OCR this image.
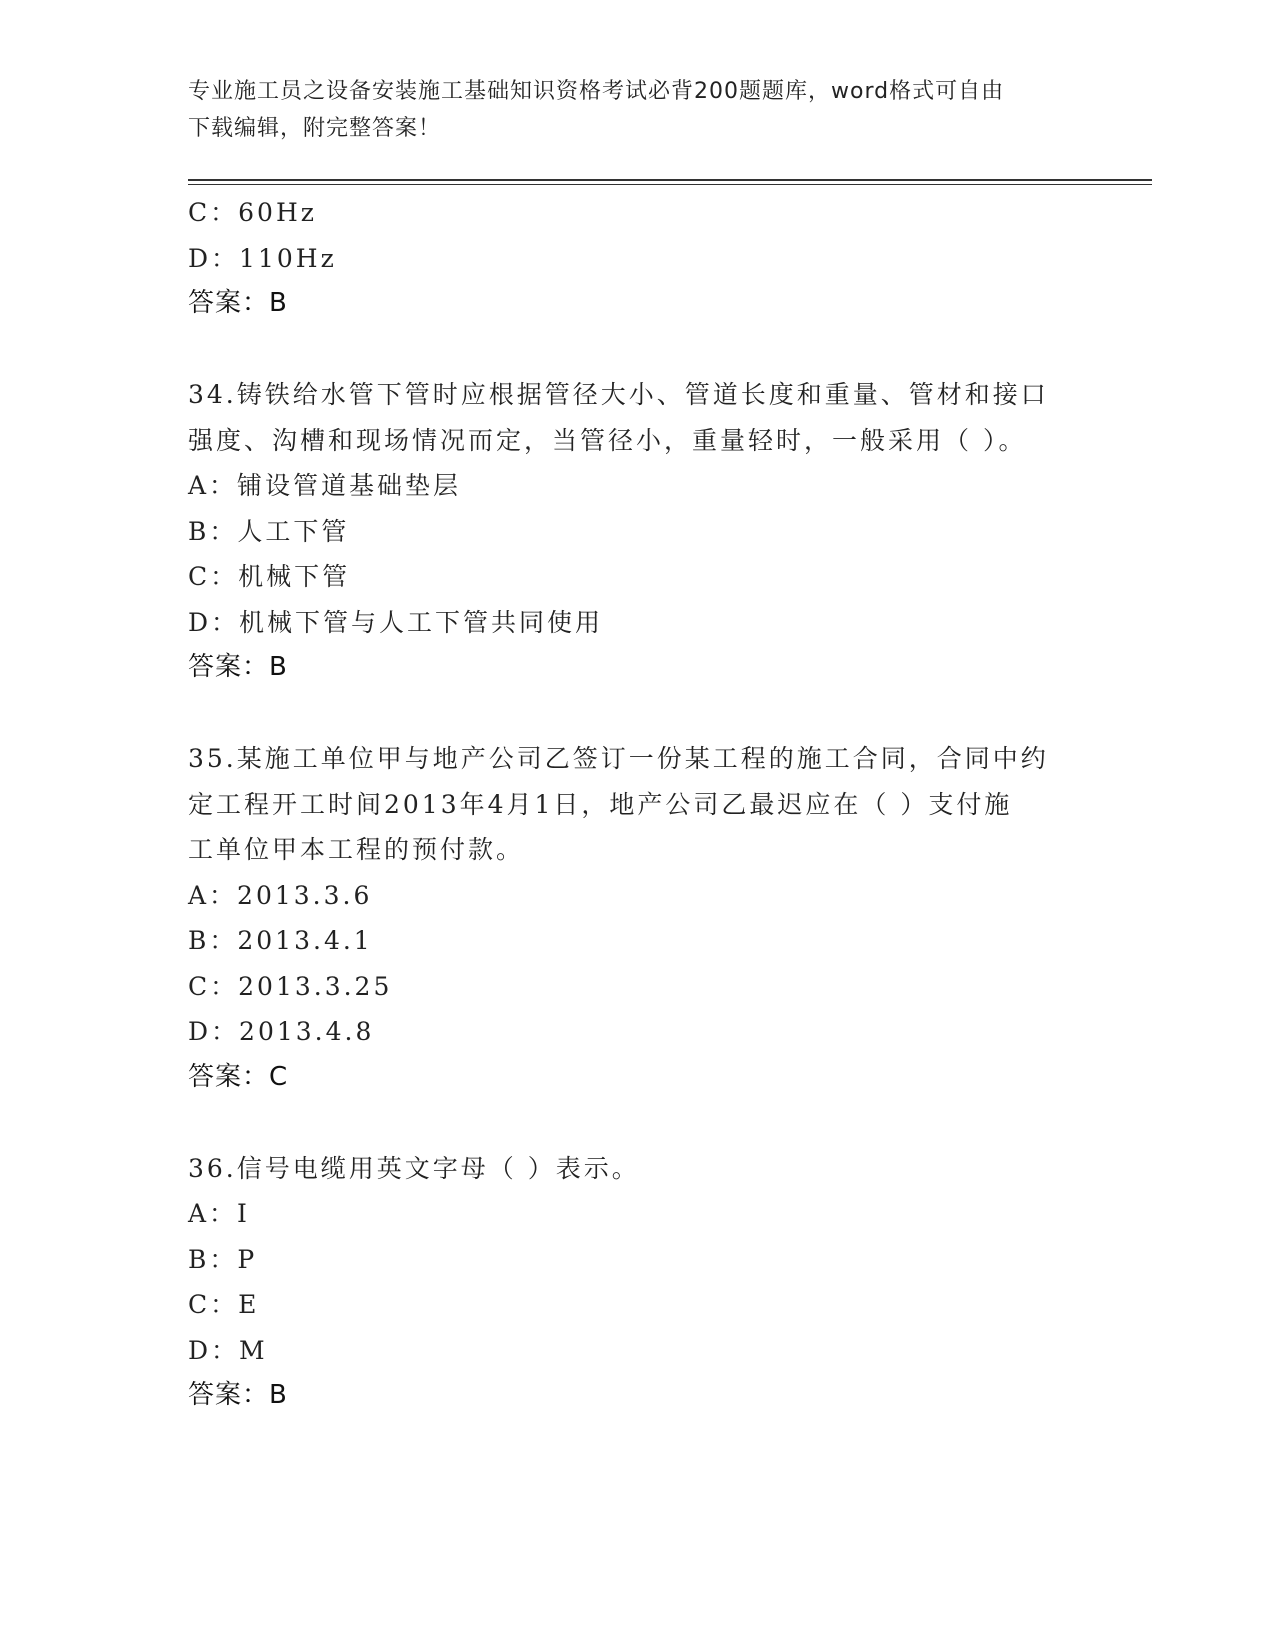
专业施工员之设备安装施工基础知识资格考试必背200题题库，word格式可自由
下载编辑，附完整答案！
C：60Hz
D：110Hz
答案：B
34.铸铁给水管下管时应根据管径大小、管道长度和重量、管材和接口
强度、沟槽和现场情况而定，当管径小，重量轻时，一般采用（ ）。
A：铺设管道基础垫层
B：人工下管
C：机械下管
D：机械下管与人工下管共同使用
答案：B
35.某施工单位甲与地产公司乙签订一份某工程的施工合同，合同中约
定工程开工时间2013年4月1日，地产公司乙最迟应在（ ）支付施
工单位甲本工程的预付款。
A：2013.3.6
B：2013.4.1
C：2013.3.25
D：2013.4.8
答案：C
36.信号电缆用英文字母（ ）表示。
A：I
B：P
C：E
D：M
答案：B
